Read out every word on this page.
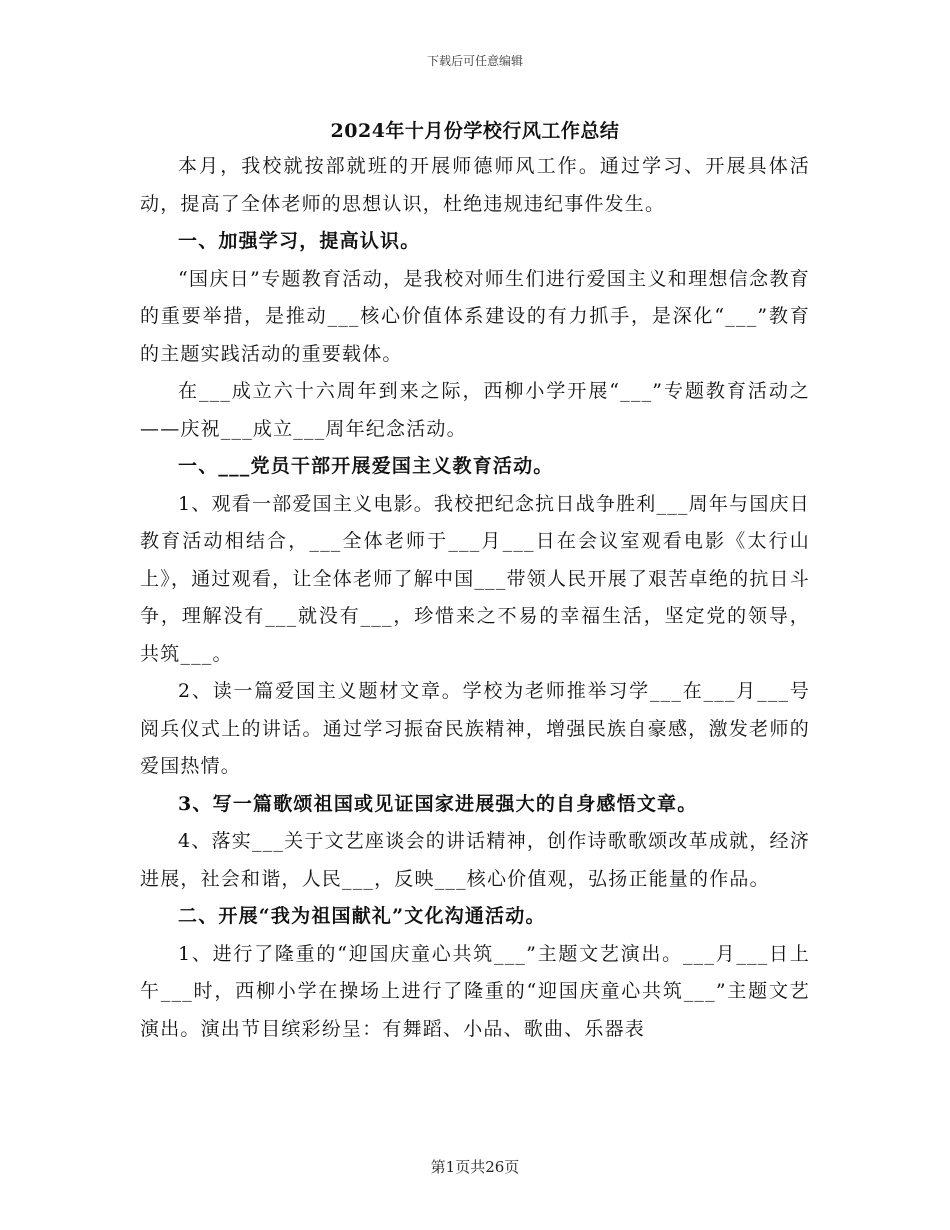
下载后可任意编辑
2024年十月份学校行风工作总结

本月，我校就按部就班的开展师德师风工作。通过学习、开展具体活动，提高了全体老师的思想认识，杜绝违规违纪事件发生。

一、加强学习，提高认识。

“国庆日”专题教育活动，是我校对师生们进行爱国主义和理想信念教育的重要举措，是推动___核心价值体系建设的有力抓手，是深化“___”教育的主题实践活动的重要载体。

在___成立六十六周年到来之际，西柳小学开展“___”专题教育活动之——庆祝___成立___周年纪念活动。

一、___党员干部开展爱国主义教育活动。

1、观看一部爱国主义电影。我校把纪念抗日战争胜利___周年与国庆日教育活动相结合，___全体老师于___月___日在会议室观看电影《太行山上》，通过观看，让全体老师了解中国___带领人民开展了艰苦卓绝的抗日斗争，理解没有___就没有___，珍惜来之不易的幸福生活，坚定党的领导，共筑___。

2、读一篇爱国主义题材文章。学校为老师推举习学___在___月___号阅兵仪式上的讲话。通过学习振奋民族精神，增强民族自豪感，激发老师的爱国热情。

3、写一篇歌颂祖国或见证国家进展强大的自身感悟文章。

4、落实___关于文艺座谈会的讲话精神，创作诗歌歌颂改革成就，经济进展，社会和谐，人民___，反映___核心价值观，弘扬正能量的作品。

二、开展“我为祖国献礼”文化沟通活动。

1、进行了隆重的“迎国庆童心共筑___”主题文艺演出。___月___日上午___时，西柳小学在操场上进行了隆重的“迎国庆童心共筑___”主题文艺演出。演出节目缤彩纷呈：有舞蹈、小品、歌曲、乐器表

第1页共26页
